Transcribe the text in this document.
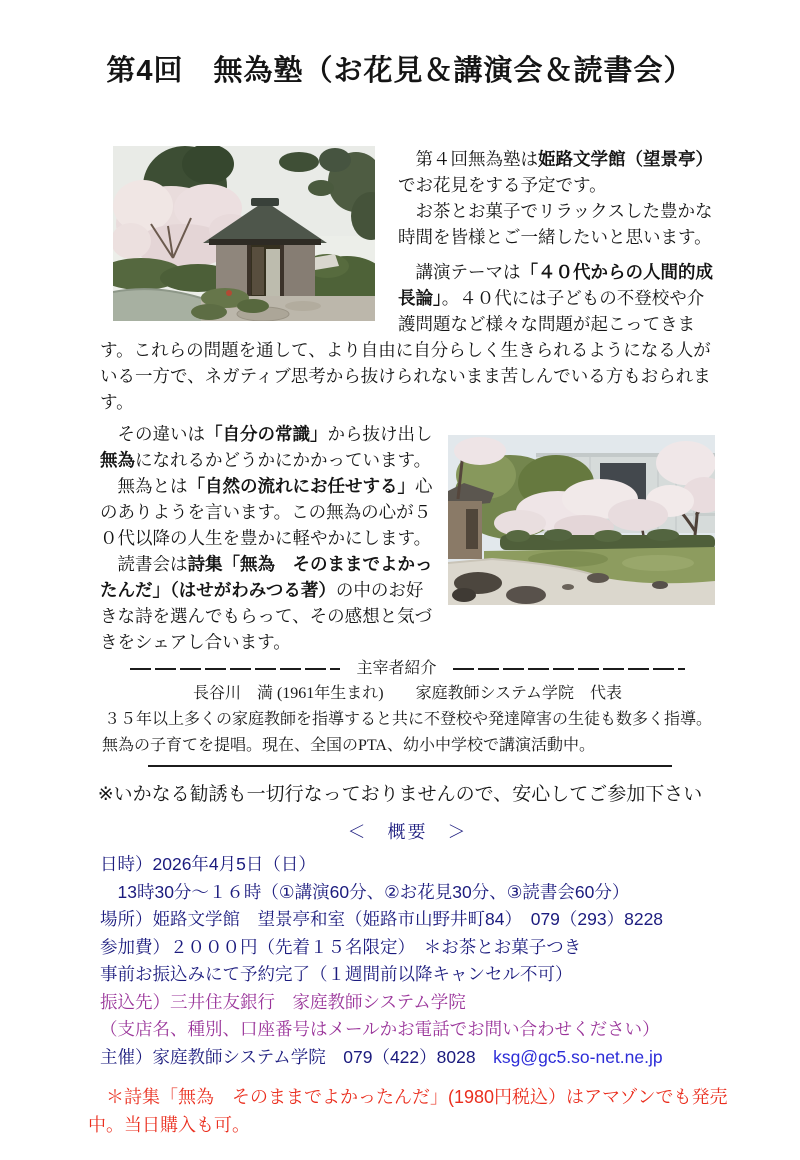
第4回　無為塾（お花見＆講演会＆読書会）

　第４回無為塾は姫路文学館（望景亭）でお花見をする予定です。

　お茶とお菓子でリラックスした豊かな時間を皆様とご一緒したいと思います。

　講演テーマは「４０代からの人間的成長論」。４０代には子どもの不登校や介護問題など様々な問題が起こってきま

す。これらの問題を通して、より自由に自分らしく生きられるようになる人がいる一方で、ネガティブ思考から抜けられないまま苦しんでいる方もおられます。

　その違いは「自分の常識」から抜け出し無為になれるかどうかにかかっています。

　無為とは「自然の流れにお任せする」心のありようを言います。この無為の心が５０代以降の人生を豊かに軽やかにします。

　読書会は詩集「無為　そのままでよかったんだ」（はせがわみつる著）の中のお好きな詩を選んでもらって、その感想と気づきをシェアし合います。

主宰者紹介

長谷川　満 (1961年生まれ)　　家庭教師システム学院　代表

３５年以上多くの家庭教師を指導すると共に不登校や発達障害の生徒も数多く指導。

無為の子育てを提唱。現在、全国のPTA、幼小中学校で講演活動中。

※いかなる勧誘も一切行なっておりませんので、安心してご参加下さい

＜　概要　＞

日時）2026年4月5日（日）

　13時30分～１６時（①講演60分、②お花見30分、③読書会60分）

場所）姫路文学館　望景亭和室（姫路市山野井町84）　079（293）8228

参加費）２０００円（先着１５名限定）　＊お茶とお菓子つき

事前お振込みにて予約完了（１週間前以降キャンセル不可）

振込先）三井住友銀行　家庭教師システム学院

（支店名、種別、口座番号はメールかお電話でお問い合わせください）

主催）家庭教師システム学院　079（422）8028　ksg@gc5.so-net.ne.jp

　＊詩集「無為　そのままでよかったんだ」(1980円税込）はアマゾンでも発売中。当日購入も可。
